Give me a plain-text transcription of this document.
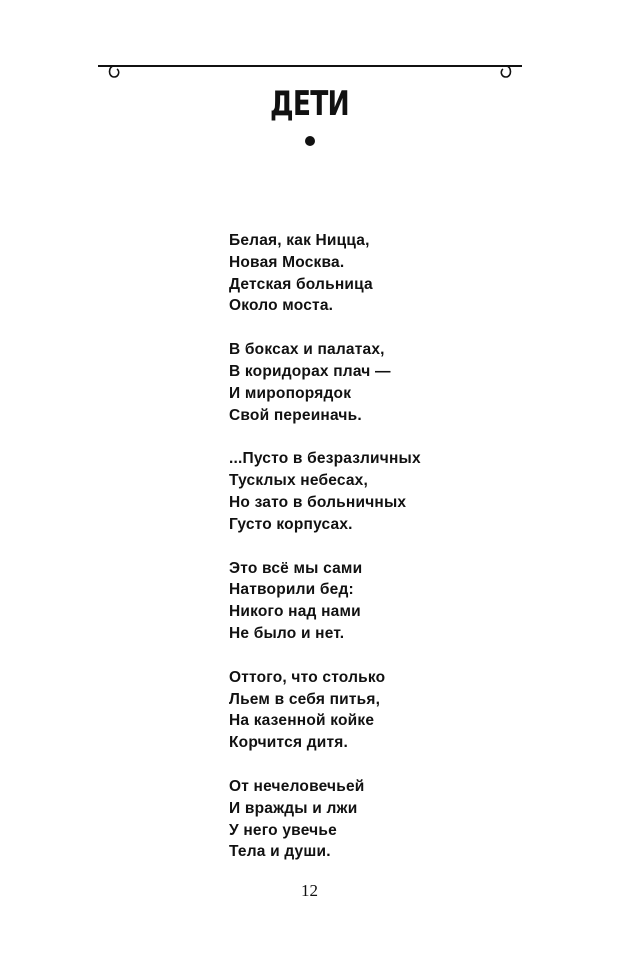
ДЕТИ
Белая, как Ницца,
Новая Москва.
Детская больница
Около моста.
В боксах и палатах,
В коридорах плач —
И миропорядок
Свой переиначь.
...Пусто в безразличных
Тусклых небесах,
Но зато в больничных
Густо корпусах.
Это всё мы сами
Натворили бед:
Никого над нами
Не было и нет.
Оттого, что столько
Льем в себя питья,
На казенной койке
Корчится дитя.
От нечеловечьей
И вражды и лжи
У него увечье
Тела и души.
12
